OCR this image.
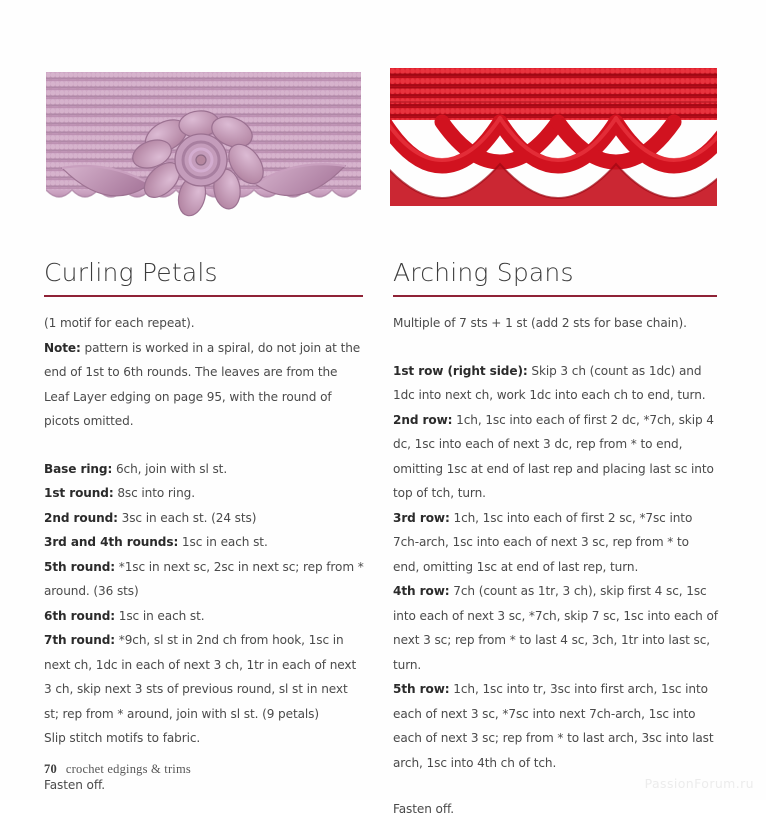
Curling Petals

(1 motif for each repeat).

Note: pattern is worked in a spiral, do not join at the end of 1st to 6th rounds. The leaves are from the Leaf Layer edging on page 95, with the round of picots omitted.

Base ring: 6ch, join with sl st.

1st round: 8sc into ring.

2nd round: 3sc in each st. (24 sts)

3rd and 4th rounds: 1sc in each st.

5th round: *1sc in next sc, 2sc in next sc; rep from * around. (36 sts)

6th round: 1sc in each st.

7th round: *9ch, sl st in 2nd ch from hook, 1sc in next ch, 1dc in each of next 3 ch, 1tr in each of next 3 ch, skip next 3 sts of previous round, sl st in next st; rep from * around, join with sl st. (9 petals)

Slip stitch motifs to fabric.

Fasten off.

Arching Spans

Multiple of 7 sts + 1 st (add 2 sts for base chain).

1st row (right side): Skip 3 ch (count as 1dc) and 1dc into next ch, work 1dc into each ch to end, turn.

2nd row: 1ch, 1sc into each of first 2 dc, *7ch, skip 4 dc, 1sc into each of next 3 dc, rep from * to end, omitting 1sc at end of last rep and placing last sc into top of tch, turn.

3rd row: 1ch, 1sc into each of first 2 sc, *7sc into 7ch-arch, 1sc into each of next 3 sc, rep from * to end, omitting 1sc at end of last rep, turn.

4th row: 7ch (count as 1tr, 3 ch), skip first 4 sc, 1sc into each of next 3 sc, *7ch, skip 7 sc, 1sc into each of next 3 sc; rep from * to last 4 sc, 3ch, 1tr into last sc, turn.

5th row: 1ch, 1sc into tr, 3sc into first arch, 1sc into each of next 3 sc, *7sc into next 7ch-arch, 1sc into each of next 3 sc; rep from * to last arch, 3sc into last arch, 1sc into 4th ch of tch.

Fasten off.

70 crochet edgings & trims
PassionForum.ru
